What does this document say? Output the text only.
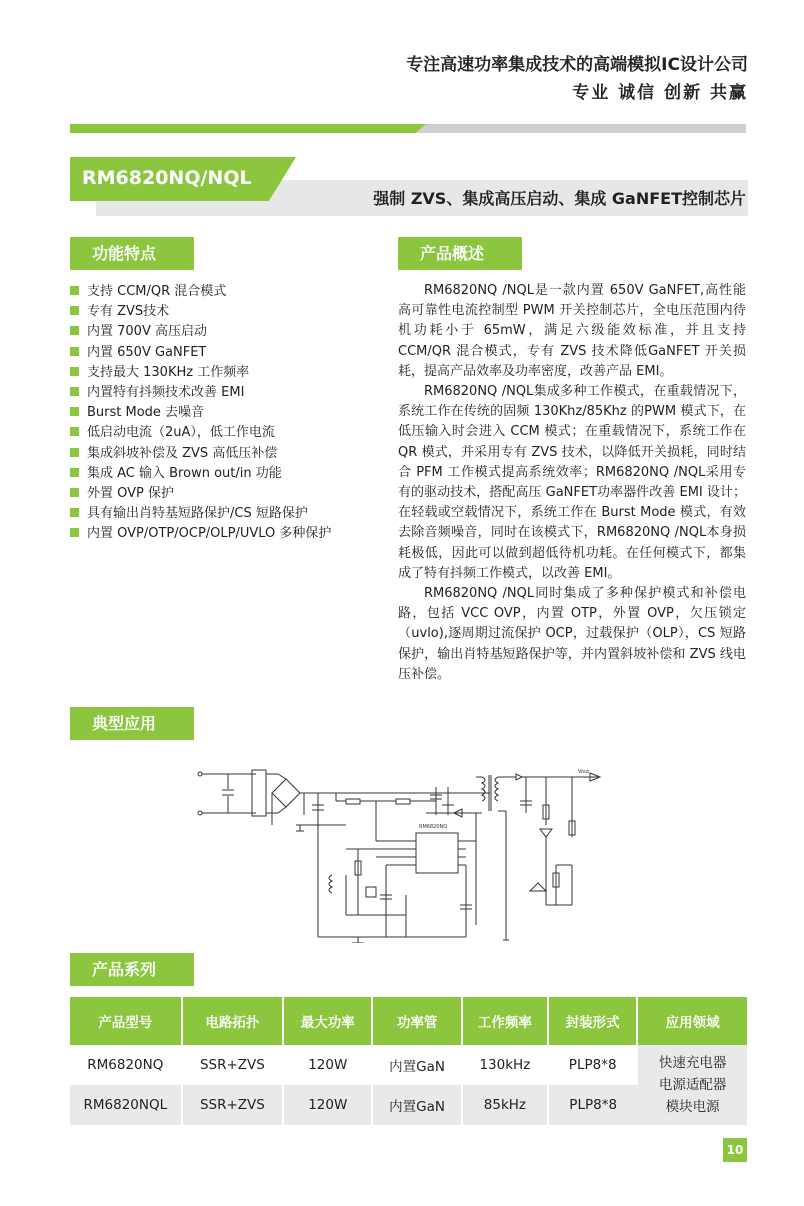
专注高速功率集成技术的高端模拟IC设计公司
专业 诚信 创新 共赢
RM6820NQ/NQL
强制 ZVS、集成高压启动、集成 GaNFET控制芯片
功能特点
支持 CCM/QR 混合模式
专有 ZVS技术
内置 700V 高压启动
内置 650V GaNFET
支持最大 130KHz 工作频率
内置特有抖频技术改善 EMI
Burst Mode 去噪音
低启动电流（2uA），低工作电流
集成斜坡补偿及 ZVS 高低压补偿
集成 AC 输入 Brown out/in 功能
外置 OVP 保护
具有输出肖特基短路保护/CS 短路保护
内置 OVP/OTP/OCP/OLP/UVLO 多种保护
产品概述

RM6820NQ /NQL是一款内置 650V GaNFET,高性能高可靠性电流控制型 PWM 开关控制芯片，全电压范围内待机功耗小于 65mW，满足六级能效标准，并且支持 CCM/QR 混合模式，专有 ZVS 技术降低GaNFET 开关损耗，提高产品效率及功率密度，改善产品 EMI。

RM6820NQ /NQL集成多种工作模式，在重载情况下，系统工作在传统的固频 130Khz/85Khz 的PWM 模式下，在低压输入时会进入 CCM 模式；在重载情况下，系统工作在 QR 模式，并采用专有 ZVS 技术，以降低开关损耗，同时结合 PFM 工作模式提高系统效率；RM6820NQ /NQL采用专有的驱动技术，搭配高压 GaNFET功率器件改善 EMI 设计；在轻载或空载情况下，系统工作在 Burst Mode 模式，有效去除音频噪音，同时在该模式下，RM6820NQ /NQL本身损耗极低，因此可以做到超低待机功耗。在任何模式下，都集成了特有抖频工作模式，以改善 EMI。

RM6820NQ /NQL同时集成了多种保护模式和补偿电路，包括 VCC OVP，内置 OTP，外置 OVP，欠压锁定（uvlo),逐周期过流保护 OCP，过载保护（OLP），CS 短路保护，输出肖特基短路保护等，并内置斜坡补偿和 ZVS 线电压补偿。

典型应用
RM6820NQ
Vout
产品系列
产品型号	电路拓扑	最大功率	功率管	工作频率	封装形式	应用领域
RM6820NQ	SSR+ZVS	120W	内置GaN	130kHz	PLP8*8	快速充电器
电源适配器
模块电源

RM6820NQL	SSR+ZVS	120W	内置GaN	85kHz	PLP8*8	
10
